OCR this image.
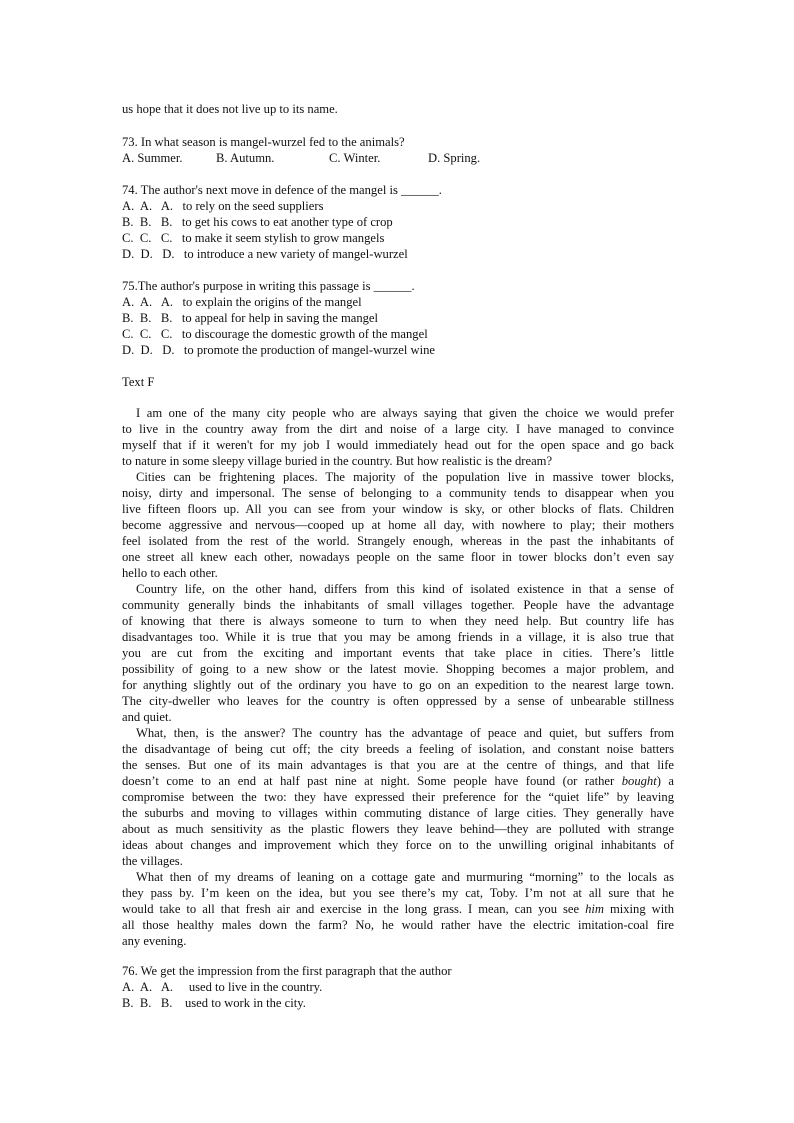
us hope that it does not live up to its name.
73. In what season is mangel-wurzel fed to the animals?
A. Summer.	B. Autumn.	C. Winter.	D. Spring.
74. The author's next move in defence of the mangel is ______.
A.  A.   A.   to rely on the seed suppliers
B.  B.   B.   to get his cows to eat another type of crop
C.  C.   C.   to make it seem stylish to grow mangels
D.  D.   D.   to introduce a new variety of mangel-wurzel
75.The author's purpose in writing this passage is ______.
A.  A.   A.   to explain the origins of the mangel
B.  B.   B.   to appeal for help in saving the mangel
C.  C.   C.   to discourage the domestic growth of the mangel
D.  D.   D.   to promote the production of mangel-wurzel wine
Text F
I am one of the many city people who are always saying that given the choice we would prefer
to live in the country away from the dirt and noise of a large city. I have managed to convince
myself that if it weren't for my job I would immediately head out for the open space and go back
to nature in some sleepy village buried in the country. But how realistic is the dream?
Cities can be frightening places. The majority of the population live in massive tower blocks,
noisy, dirty and impersonal. The sense of belonging to a community tends to disappear when you
live fifteen floors up. All you can see from your window is sky, or other blocks of flats. Children
become aggressive and nervous—cooped up at home all day, with nowhere to play; their mothers
feel isolated from the rest of the world. Strangely enough, whereas in the past the inhabitants of
one street all knew each other, nowadays people on the same floor in tower blocks don’t even say
hello to each other.
Country life, on the other hand, differs from this kind of isolated existence in that a sense of
community generally binds the inhabitants of small villages together. People have the advantage
of knowing that there is always someone to turn to when they need help. But country life has
disadvantages too. While it is true that you may be among friends in a village, it is also true that
you are cut from the exciting and important events that take place in cities. There’s little
possibility of going to a new show or the latest movie. Shopping becomes a major problem, and
for anything slightly out of the ordinary you have to go on an expedition to the nearest large town.
The city-dweller who leaves for the country is often oppressed by a sense of unbearable stillness
and quiet.
What, then, is the answer? The country has the advantage of peace and quiet, but suffers from
the disadvantage of being cut off; the city breeds a feeling of isolation, and constant noise batters
the senses. But one of its main advantages is that you are at the centre of things, and that life
doesn’t come to an end at half past nine at night. Some people have found (or rather bought) a
compromise between the two: they have expressed their preference for the “quiet life” by leaving
the suburbs and moving to villages within commuting distance of large cities. They generally have
about as much sensitivity as the plastic flowers they leave behind—they are polluted with strange
ideas about changes and improvement which they force on to the unwilling original inhabitants of
the villages.
What then of my dreams of leaning on a cottage gate and murmuring “morning” to the locals as
they pass by. I’m keen on the idea, but you see there’s my cat, Toby. I’m not at all sure that he
would take to all that fresh air and exercise in the long grass. I mean, can you see him mixing with
all those healthy males down the farm? No, he would rather have the electric imitation-coal fire
any evening.
76. We get the impression from the first paragraph that the author
A.  A.   A.     used to live in the country.
B.  B.   B.    used to work in the city.
